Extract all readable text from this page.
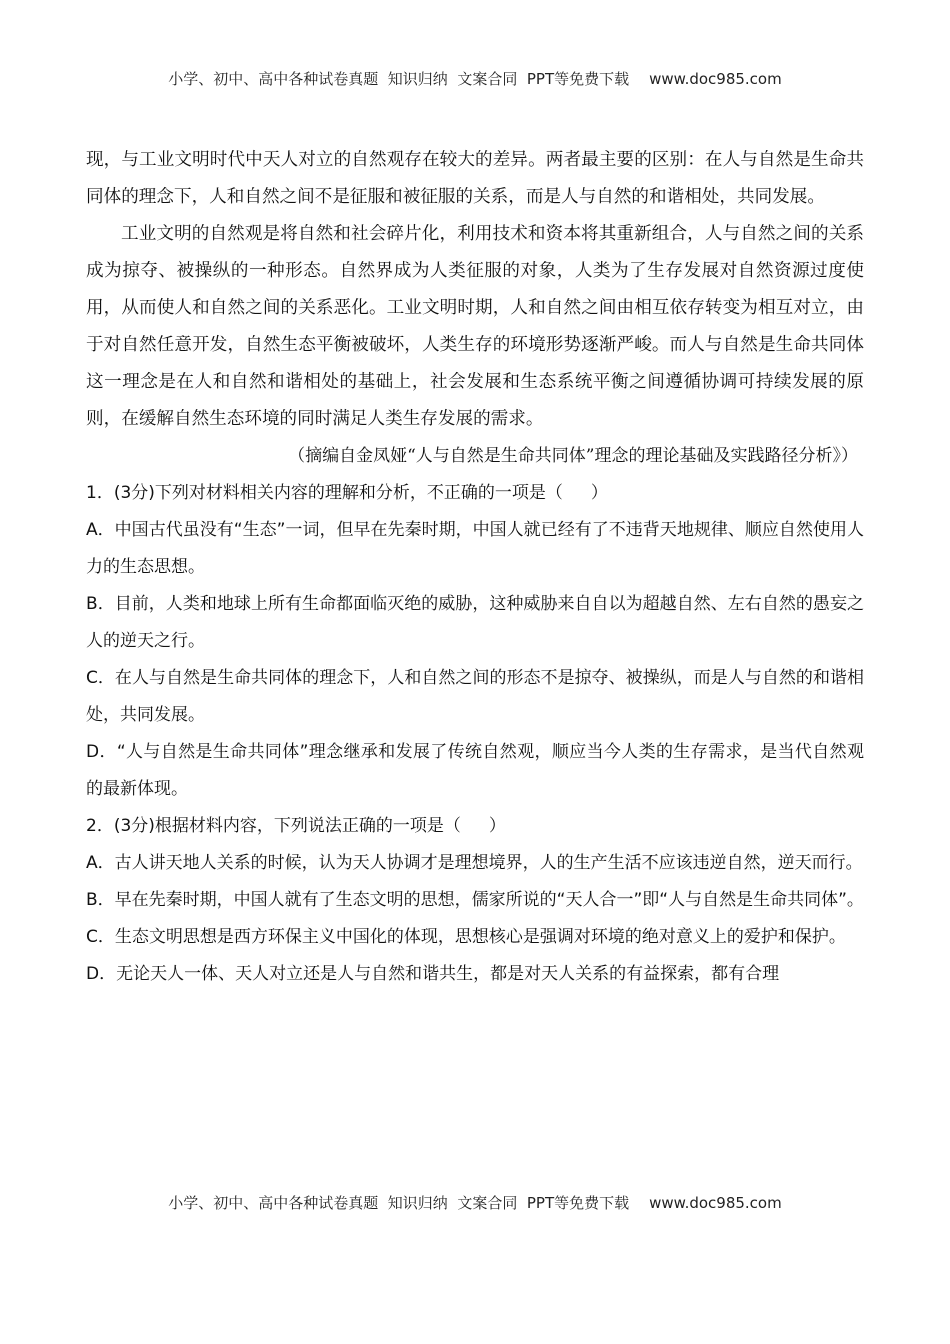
小学、初中、高中各种试卷真题  知识归纳  文案合同  PPT等免费下载 www.doc985.com

现，与工业文明时代中天人对立的自然观存在较大的差异。两者最主要的区别：在人与自然是生命共同体的理念下，人和自然之间不是征服和被征服的关系，而是人与自然的和谐相处，共同发展。

工业文明的自然观是将自然和社会碎片化，利用技术和资本将其重新组合，人与自然之间的关系成为掠夺、被操纵的一种形态。自然界成为人类征服的对象，人类为了生存发展对自然资源过度使用，从而使人和自然之间的关系恶化。工业文明时期，人和自然之间由相互依存转变为相互对立，由于对自然任意开发，自然生态平衡被破坏，人类生存的环境形势逐渐严峻。而人与自然是生命共同体这一理念是在人和自然和谐相处的基础上，社会发展和生态系统平衡之间遵循协调可持续发展的原则，在缓解自然生态环境的同时满足人类生存发展的需求。

（摘编自金凤娅“人与自然是生命共同体”理念的理论基础及实践路径分析》）

1．(3分)下列对材料相关内容的理解和分析，不正确的一项是（ ）

A．中国古代虽没有“生态”一词，但早在先秦时期，中国人就已经有了不违背天地规律、顺应自然使用人力的生态思想。

B．目前，人类和地球上所有生命都面临灭绝的威胁，这种威胁来自自以为超越自然、左右自然的愚妄之人的逆天之行。

C．在人与自然是生命共同体的理念下，人和自然之间的形态不是掠夺、被操纵，而是人与自然的和谐相处，共同发展。

D．“人与自然是生命共同体”理念继承和发展了传统自然观，顺应当今人类的生存需求，是当代自然观的最新体现。

2．(3分)根据材料内容，下列说法正确的一项是（ ）

A．古人讲天地人关系的时候，认为天人协调才是理想境界，人的生产生活不应该违逆自然，逆天而行。

B．早在先秦时期，中国人就有了生态文明的思想，儒家所说的“天人合一”即“人与自然是生命共同体”。

C．生态文明思想是西方环保主义中国化的体现，思想核心是强调对环境的绝对意义上的爱护和保护。

D．无论天人一体、天人对立还是人与自然和谐共生，都是对天人关系的有益探索，都有合理

小学、初中、高中各种试卷真题  知识归纳  文案合同  PPT等免费下载 www.doc985.com
